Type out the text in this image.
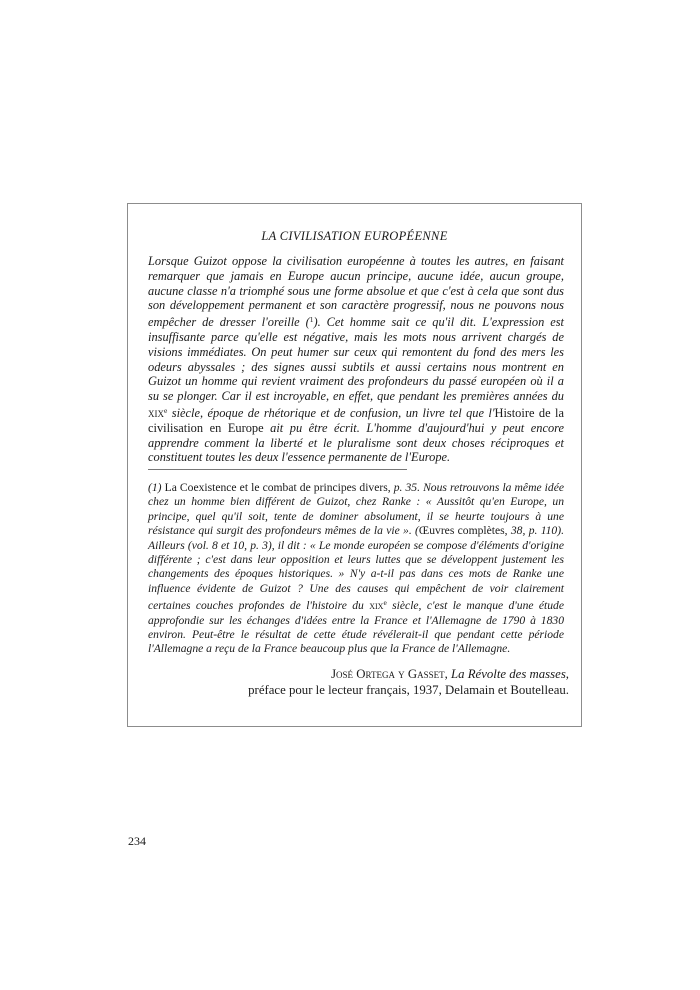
LA CIVILISATION EUROPÉENNE

Lorsque Guizot oppose la civilisation européenne à toutes les autres, en faisant remarquer que jamais en Europe aucun principe, aucune idée, aucun groupe, aucune classe n'a triomphé sous une forme absolue et que c'est à cela que sont dus son développement permanent et son caractère progressif, nous ne pouvons nous empêcher de dresser l'oreille ($^1$). Cet homme sait ce qu'il dit. L'expression est insuffisante parce qu'elle est négative, mais les mots nous arrivent chargés de visions immédiates. On peut humer sur ceux qui remontent du fond des mers les odeurs abyssales ; des signes aussi subtils et aussi certains nous montrent en Guizot un homme qui revient vraiment des profondeurs du passé européen où il a su se plonger. Car il est incroyable, en effet, que pendant les premières années du xix$^e$ siècle, époque de rhétorique et de confusion, un livre tel que l'Histoire de la civilisation en Europe ait pu être écrit. L'homme d'aujourd'hui y peut encore apprendre comment la liberté et le pluralisme sont deux choses réciproques et constituent toutes les deux l'essence permanente de l'Europe.

(1) La Coexistence et le combat de principes divers, p. 35. Nous retrouvons la même idée chez un homme bien différent de Guizot, chez Ranke : « Aussitôt qu'en Europe, un principe, quel qu'il soit, tente de dominer absolument, il se heurte toujours à une résistance qui surgit des profondeurs mêmes de la vie ». (Œuvres complètes, 38, p. 110). Ailleurs (vol. 8 et 10, p. 3), il dit : « Le monde européen se compose d'éléments d'origine différente ; c'est dans leur opposition et leurs luttes que se développent justement les changements des époques historiques. » N'y a-t-il pas dans ces mots de Ranke une influence évidente de Guizot ? Une des causes qui empêchent de voir clairement certaines couches profondes de l'histoire du xix$^e$ siècle, c'est le manque d'une étude approfondie sur les échanges d'idées entre la France et l'Allemagne de 1790 à 1830 environ. Peut-être le résultat de cette étude révélerait-il que pendant cette période l'Allemagne a reçu de la France beaucoup plus que la France de l'Allemagne.
José Ortega y Gasset, La Révolte des masses,
préface pour le lecteur français, 1937, Delamain et Boutelleau.
234
